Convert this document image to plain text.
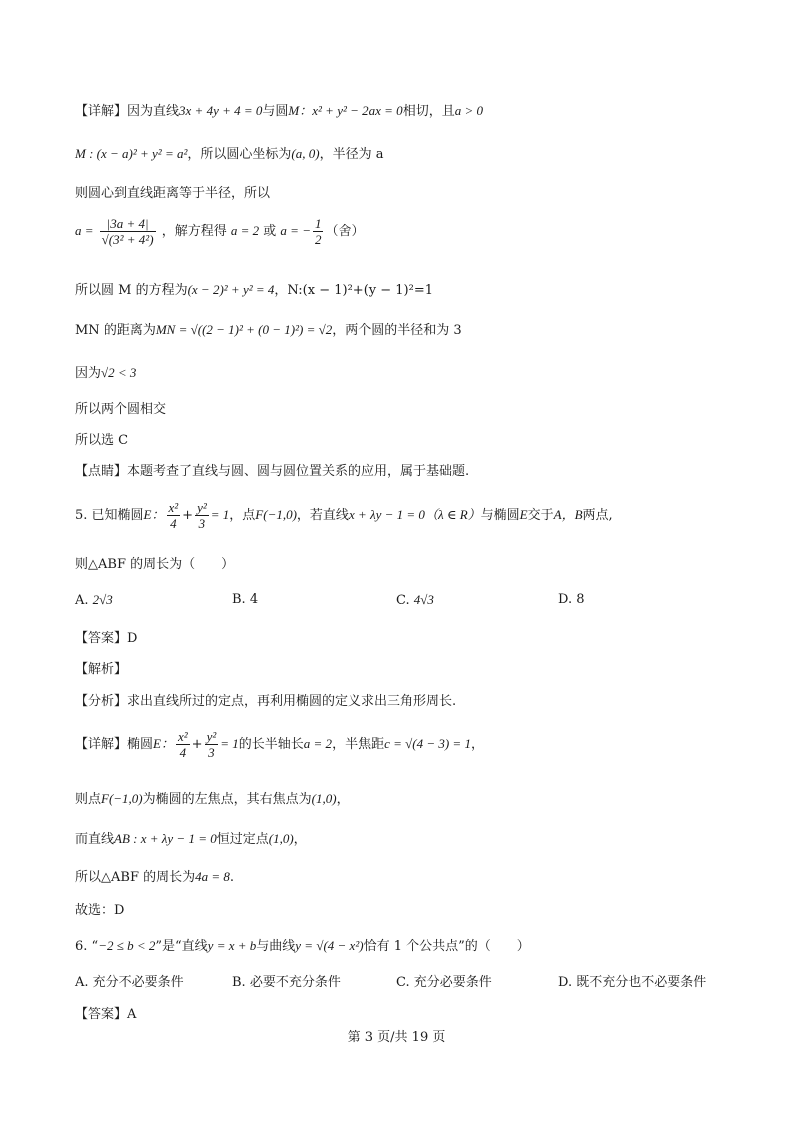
【详解】因为直线3x + 4y + 4 = 0与圆M：x² + y² − 2ax = 0相切，且a > 0
M : (x − a)² + y² = a²，所以圆心坐标为(a, 0)，半径为 a
则圆心到直线距离等于半径，所以
$a = \frac{|3a + 4|}{\text{√(3² + 4²)}}$ ，解方程得 a = 2 或 a = − $\frac{1}{2}$ （舍）
所以圆 M 的方程为(x − 2)² + y² = 4，N:(x − 1)²+(y − 1)²=1
MN 的距离为MN = √((2 − 1)² + (0 − 1)²) = √2，两个圆的半径和为 3
因为√2 < 3
所以两个圆相交
所以选 C
【点睛】本题考查了直线与圆、圆与圆位置关系的应用，属于基础题.
5. 已知椭圆E： $\frac{\text{x²}}{4} + \frac{\text{y²}}{3} = 1$，点F(−1,0)，若直线x + λy − 1 = 0（λ ∈ R）与椭圆E交于A，B两点,
则△ABF 的周长为（　　）
A. 2√3	B. 4	C. 4√3	D. 8
【答案】D
【解析】
【分析】求出直线所过的定点，再利用椭圆的定义求出三角形周长.
【详解】椭圆E： $\frac{\text{x²}}{4} + \frac{\text{y²}}{3} = 1$的长半轴长a = 2，半焦距c = √(4 − 3) = 1，
则点F(−1,0)为椭圆的左焦点，其右焦点为(1,0)，
而直线AB : x + λy − 1 = 0恒过定点(1,0)，
所以△ABF 的周长为4a = 8.
故选：D
6. “−2 ≤ b < 2”是“直线y = x + b与曲线y = √(4 − x²)恰有 1 个公共点”的（　　）
A. 充分不必要条件	B. 必要不充分条件	C. 充分必要条件	D. 既不充分也不必要条件
【答案】A
第 3 页/共 19 页
